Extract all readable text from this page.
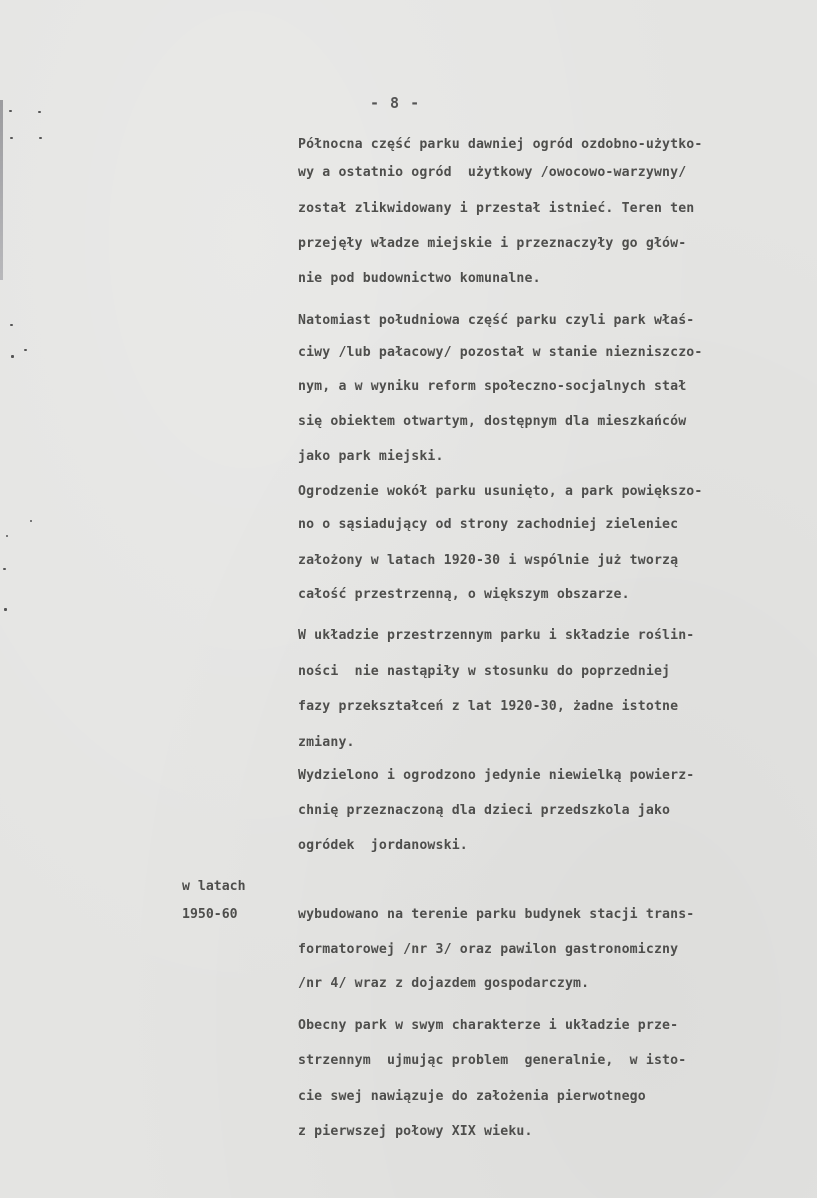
- 8 -
Północna część parku dawniej ogród ozdobno-użytko-
wy a ostatnio ogród  użytkowy /owocowo-warzywny/
został zlikwidowany i przestał istnieć. Teren ten
przejęły władze miejskie i przeznaczyły go głów-
nie pod budownictwo komunalne.
Natomiast południowa część parku czyli park właś-
ciwy /lub pałacowy/ pozostał w stanie niezniszczo-
nym, a w wyniku reform społeczno-socjalnych stał
się obiektem otwartym, dostępnym dla mieszkańców
jako park miejski.
Ogrodzenie wokół parku usunięto, a park powiększo-
no o sąsiadujący od strony zachodniej zieleniec
założony w latach 1920-30 i wspólnie już tworzą
całość przestrzenną, o większym obszarze.
W układzie przestrzennym parku i składzie roślin-
ności  nie nastąpiły w stosunku do poprzedniej
fazy przekształceń z lat 1920-30, żadne istotne
zmiany.
Wydzielono i ogrodzono jedynie niewielką powierz-
chnię przeznaczoną dla dzieci przedszkola jako
ogródek  jordanowski.
w latach
1950-60	wybudowano na terenie parku budynek stacji trans-
formatorowej /nr 3/ oraz pawilon gastronomiczny
/nr 4/ wraz z dojazdem gospodarczym.
Obecny park w swym charakterze i układzie prze-
strzennym  ujmując problem  generalnie,  w isto-
cie swej nawiązuje do założenia pierwotnego
z pierwszej połowy XIX wieku.
